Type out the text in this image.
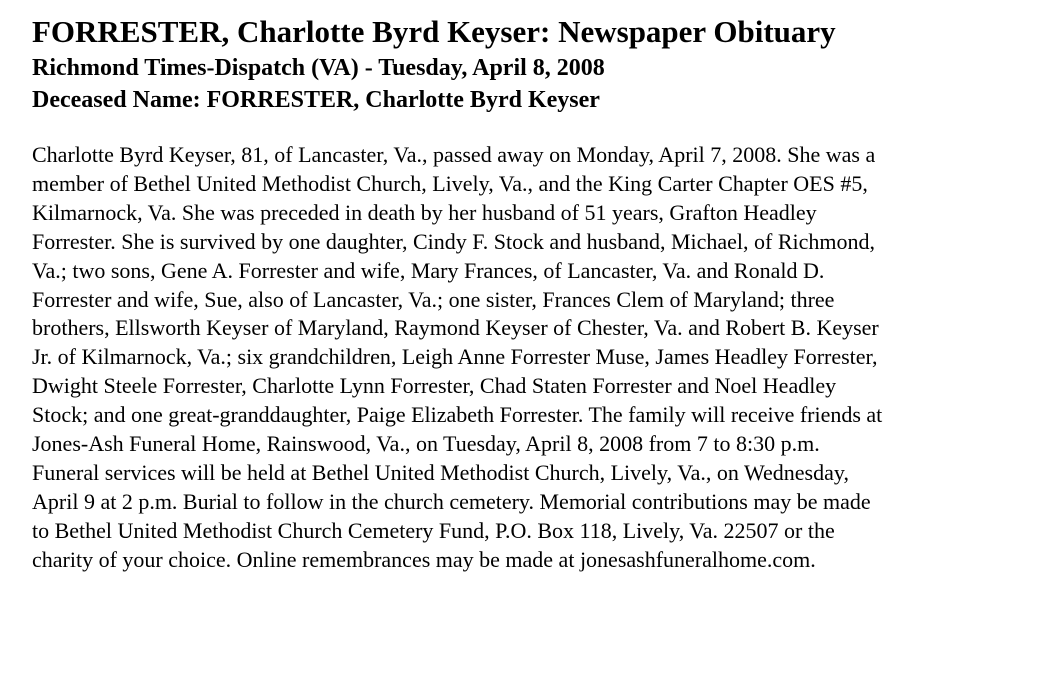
FORRESTER, Charlotte Byrd Keyser: Newspaper Obituary
Richmond Times-Dispatch (VA) - Tuesday, April 8, 2008
Deceased Name: FORRESTER, Charlotte Byrd Keyser
Charlotte Byrd Keyser, 81, of Lancaster, Va., passed away on Monday, April 7, 2008. She was a
member of Bethel United Methodist Church, Lively, Va., and the King Carter Chapter OES #5,
Kilmarnock, Va. She was preceded in death by her husband of 51 years, Grafton Headley
Forrester. She is survived by one daughter, Cindy F. Stock and husband, Michael, of Richmond,
Va.; two sons, Gene A. Forrester and wife, Mary Frances, of Lancaster, Va. and Ronald D.
Forrester and wife, Sue, also of Lancaster, Va.; one sister, Frances Clem of Maryland; three
brothers, Ellsworth Keyser of Maryland, Raymond Keyser of Chester, Va. and Robert B. Keyser
Jr. of Kilmarnock, Va.; six grandchildren, Leigh Anne Forrester Muse, James Headley Forrester,
Dwight Steele Forrester, Charlotte Lynn Forrester, Chad Staten Forrester and Noel Headley
Stock; and one great-granddaughter, Paige Elizabeth Forrester. The family will receive friends at
Jones-Ash Funeral Home, Rainswood, Va., on Tuesday, April 8, 2008 from 7 to 8:30 p.m.
Funeral services will be held at Bethel United Methodist Church, Lively, Va., on Wednesday,
April 9 at 2 p.m. Burial to follow in the church cemetery. Memorial contributions may be made
to Bethel United Methodist Church Cemetery Fund, P.O. Box 118, Lively, Va. 22507 or the
charity of your choice. Online remembrances may be made at jonesashfuneralhome.com.
